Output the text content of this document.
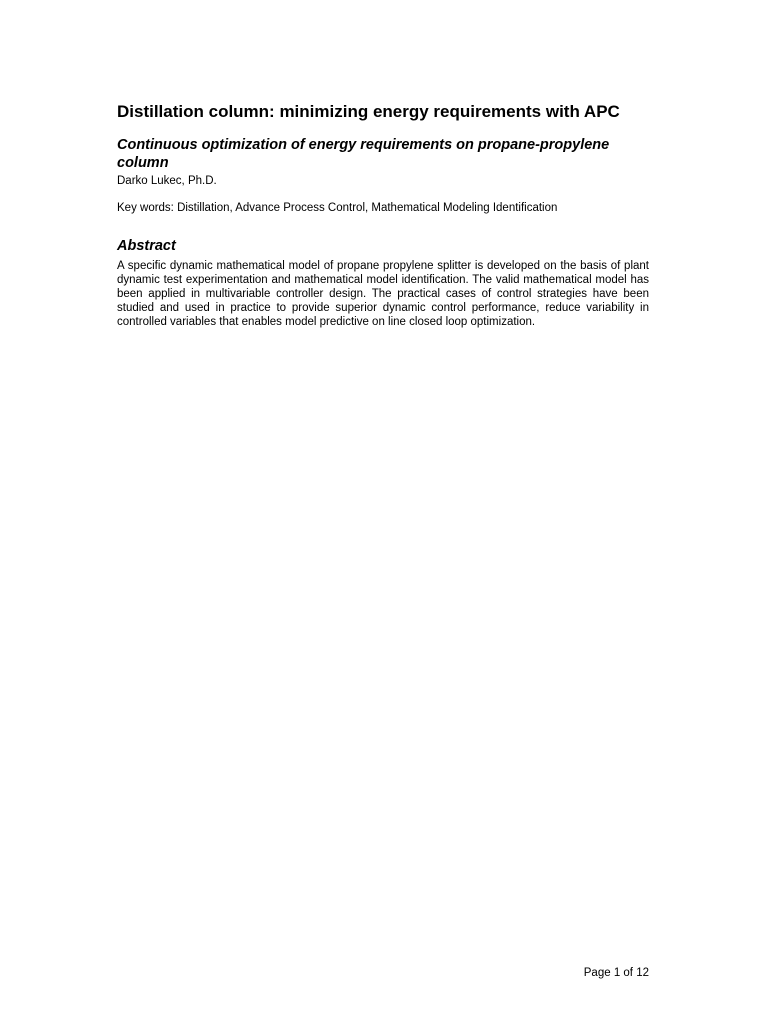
Distillation column: minimizing energy requirements with APC
Continuous optimization of energy requirements on propane-propylene column

Darko Lukec, Ph.D.

Key words: Distillation, Advance Process Control, Mathematical Modeling Identification

Abstract

A specific dynamic mathematical model of propane propylene splitter is developed on the basis of plant dynamic test experimentation and mathematical model identification. The valid mathematical model has been applied in multivariable controller design. The practical cases of control strategies have been studied and used in practice to provide superior dynamic control performance, reduce variability in controlled variables that enables model predictive on line closed loop optimization.

Page 1 of 12
